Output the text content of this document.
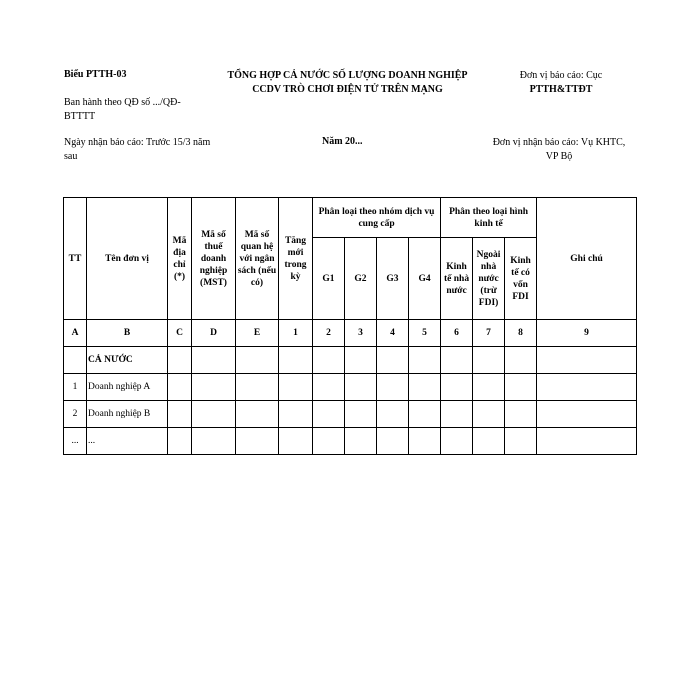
Biểu PTTH-03	TỔNG HỢP CẢ NƯỚC SỐ LƯỢNG DOANH NGHIỆP
CCDV TRÒ CHƠI ĐIỆN TỬ TRÊN MẠNG
Đơn vị báo cáo: Cục
PTTH&TTĐT
Ban hành theo QĐ số .../QĐ-BTTTT
Ngày nhận báo cáo: Trước 15/3 năm sau
Năm 20...	Đơn vị nhận báo cáo: Vụ KHTC,
VP Bộ
TT	Tên đơn vị	Mã địa chỉ (*)	Mã số thuế doanh nghiệp (MST)	Mã số quan hệ với ngân sách (nếu có)	Tăng mới trong kỳ	Phân loại theo nhóm dịch vụ cung cấp				Phân theo loại hình kinh tế			Ghi chú
						G1	G2	G3	G4	Kinh tế nhà nước	Ngoài nhà nước (trừ FDI)	Kinh tế có vốn FDI	
A	B	C	D	E	1	2	3	4	5	6	7	8	9
	CẢ NƯỚC												
1	Doanh nghiệp A												
2	Doanh nghiệp B												
...	...												
